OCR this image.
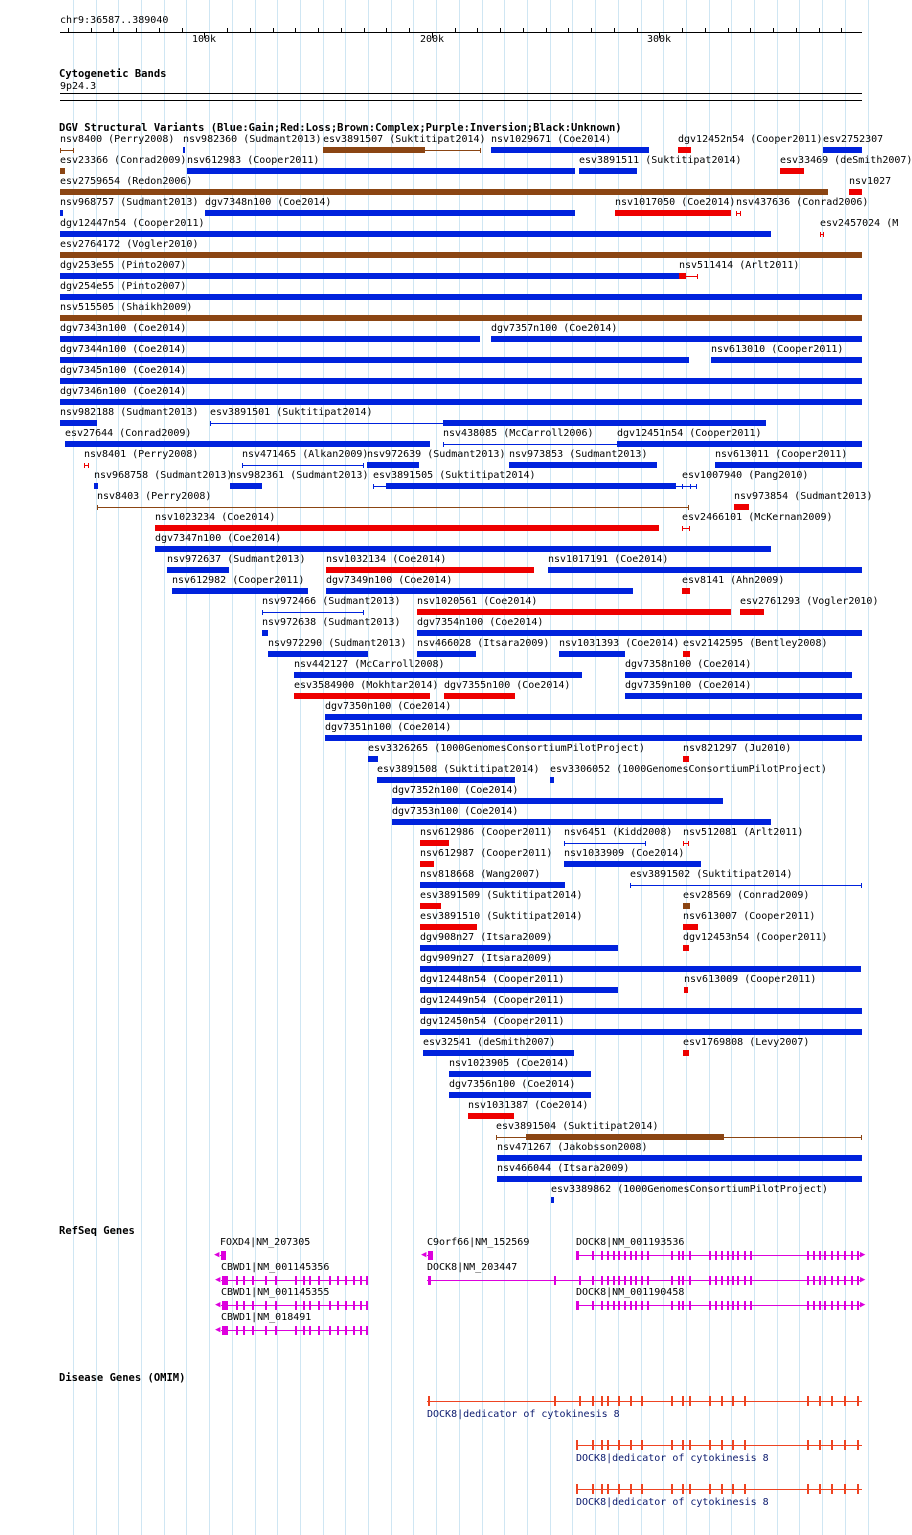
chr9:36587..389040
100k	200k	300k
Cytogenetic Bands
9p24.3
DGV Structural Variants (Blue:Gain;Red:Loss;Brown:Complex;Purple:Inversion;Black:Unknown)
nsv8400 (Perry2008) nsv982360 (Sudmant2013) esv3891507 (Suktitipat2014) nsv1029671 (Coe2014)	dgv12452n54 (Cooper2011) esv2752307
esv23366 (Conrad2009) nsv612983 (Cooper2011)	esv3891511 (Suktitipat2014)	esv33469 (deSmith2007)
esv2759654 (Redon2006)	nsv1027
nsv968757 (Sudmant2013) dgv7348n100 (Coe2014)	nsv1017050 (Coe2014) nsv437636 (Conrad2006)
dgv12447n54 (Cooper2011)	esv2457024 (M
esv2764172 (Vogler2010)
dgv253e55 (Pinto2007)	nsv511414 (Arlt2011)
dgv254e55 (Pinto2007)
nsv515505 (Shaikh2009)
dgv7343n100 (Coe2014)	dgv7357n100 (Coe2014)
dgv7344n100 (Coe2014)	nsv613010 (Cooper2011)
dgv7345n100 (Coe2014)
dgv7346n100 (Coe2014)
nsv982188 (Sudmant2013) esv3891501 (Suktitipat2014)
esv27644 (Conrad2009)	nsv438085 (McCarroll2006) dgv12451n54 (Cooper2011)
nsv8401 (Perry2008)	nsv471465 (Alkan2009)
nsv972639 (Sudmant2013) nsv973853 (Sudmant2013)	nsv613011 (Cooper2011)
nsv968758 (Sudmant2013)
nsv982361 (Sudmant2013) esv3891505 (Suktitipat2014)	esv1007940 (Pang2010)
nsv8403 (Perry2008)	nsv973854 (Sudmant2013)
nsv1023234 (Coe2014)	esv2466101 (McKernan2009)
dgv7347n100 (Coe2014)
nsv972637 (Sudmant2013) nsv1032134 (Coe2014)	nsv1017191 (Coe2014)
nsv612982 (Cooper2011) dgv7349n100 (Coe2014)	esv8141 (Ahn2009)
nsv972466 (Sudmant2013) nsv1020561 (Coe2014)	esv2761293 (Vogler2010)
nsv972638 (Sudmant2013) dgv7354n100 (Coe2014)
nsv972290 (Sudmant2013) nsv466028 (Itsara2009) nsv1031393 (Coe2014) esv2142595 (Bentley2008)
nsv442127 (McCarroll2008)	dgv7358n100 (Coe2014)
esv3584900 (Mokhtar2014) dgv7355n100 (Coe2014)	dgv7359n100 (Coe2014)
dgv7350n100 (Coe2014)
dgv7351n100 (Coe2014)
esv3326265 (1000GenomesConsortiumPilotProject)	nsv821297 (Ju2010)
esv3891508 (Suktitipat2014) esv3306052 (1000GenomesConsortiumPilotProject)
dgv7352n100 (Coe2014)
dgv7353n100 (Coe2014)
nsv612986 (Cooper2011) nsv6451 (Kidd2008) nsv512081 (Arlt2011)
nsv612987 (Cooper2011) nsv1033909 (Coe2014)
nsv818668 (Wang2007)	esv3891502 (Suktitipat2014)
esv3891509 (Suktitipat2014)	esv28569 (Conrad2009)
esv3891510 (Suktitipat2014)	nsv613007 (Cooper2011)
dgv908n27 (Itsara2009)	dgv12453n54 (Cooper2011)
dgv909n27 (Itsara2009)
dgv12448n54 (Cooper2011)	nsv613009 (Cooper2011)
dgv12449n54 (Cooper2011)
dgv12450n54 (Cooper2011)
esv32541 (deSmith2007)	esv1769808 (Levy2007)
nsv1023905 (Coe2014)
dgv7356n100 (Coe2014)
nsv1031387 (Coe2014)
esv3891504 (Suktitipat2014)
nsv471267 (Jakobsson2008)
nsv466044 (Itsara2009)
esv3389862 (1000GenomesConsortiumPilotProject)
RefSeq Genes
FOXD4|NM_207305
◀
C9orf66|NM_152569
◀
DOCK8|NM_001193536
▶
CBWD1|NM_001145356
◀
DOCK8|NM_203447
▶
CBWD1|NM_001145355
◀
DOCK8|NM_001190458
▶
CBWD1|NM_018491
◀
Disease Genes (OMIM)
DOCK8|dedicator of cytokinesis 8
DOCK8|dedicator of cytokinesis 8
DOCK8|dedicator of cytokinesis 8
